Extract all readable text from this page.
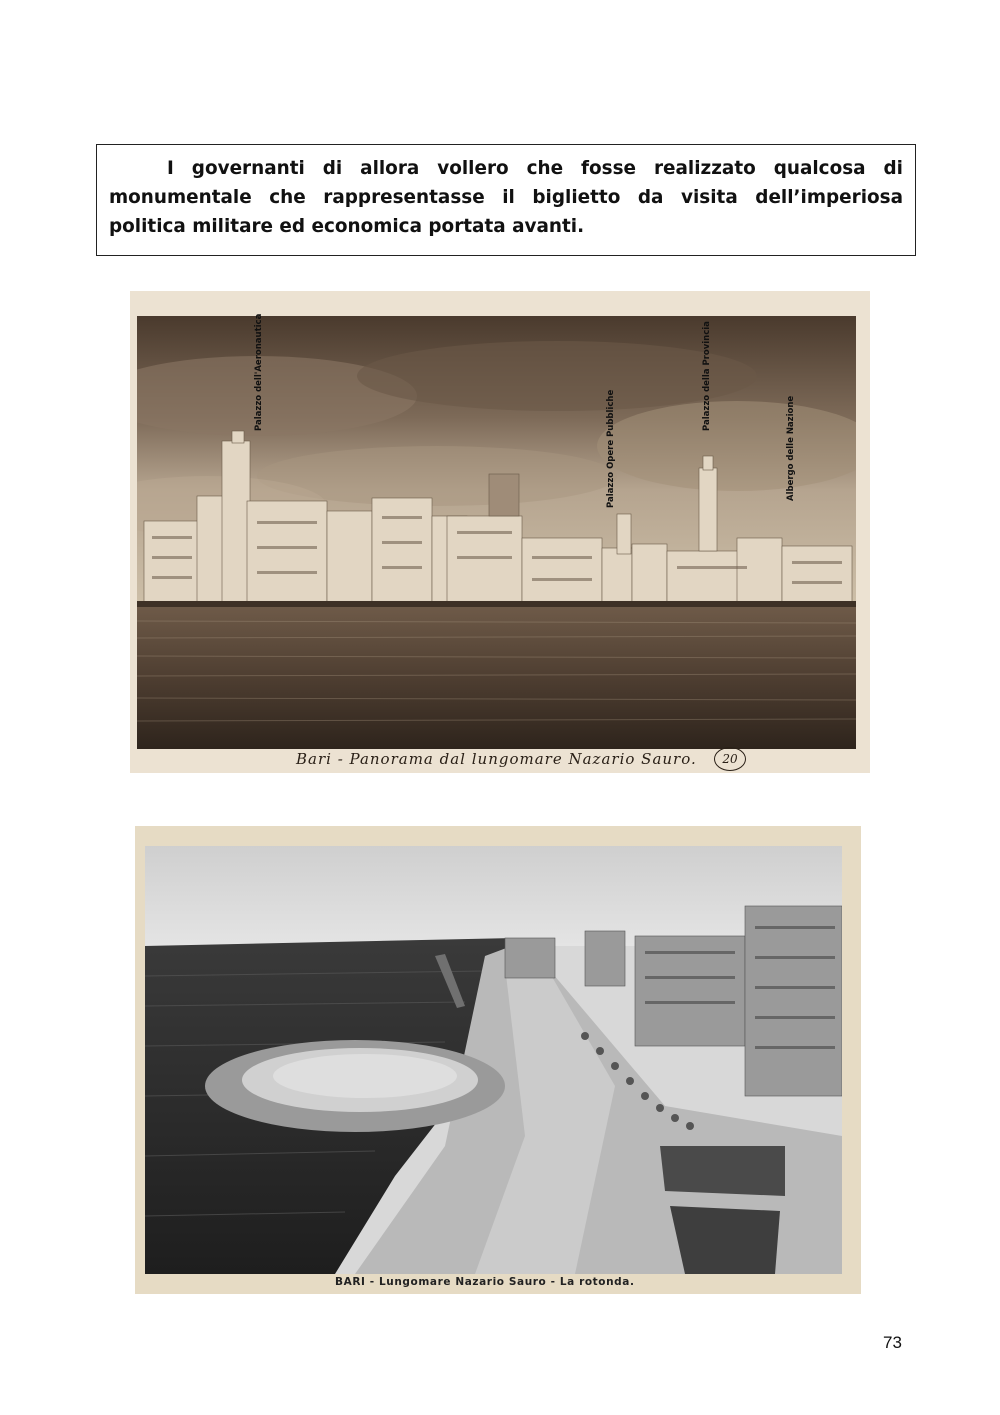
I governanti di allora vollero che fosse realizzato qualcosa di monumentale che rappresentasse il biglietto da visita dell’imperiosa politica militare ed economica portata avanti.

Palazzo dell'Aeronautica
Palazzo Opere Pubbliche
Palazzo della Provincia
Albergo delle Nazione
Bari - Panorama dal lungomare Nazario Sauro.	20
BARI - Lungomare Nazario Sauro - La rotonda.
73
